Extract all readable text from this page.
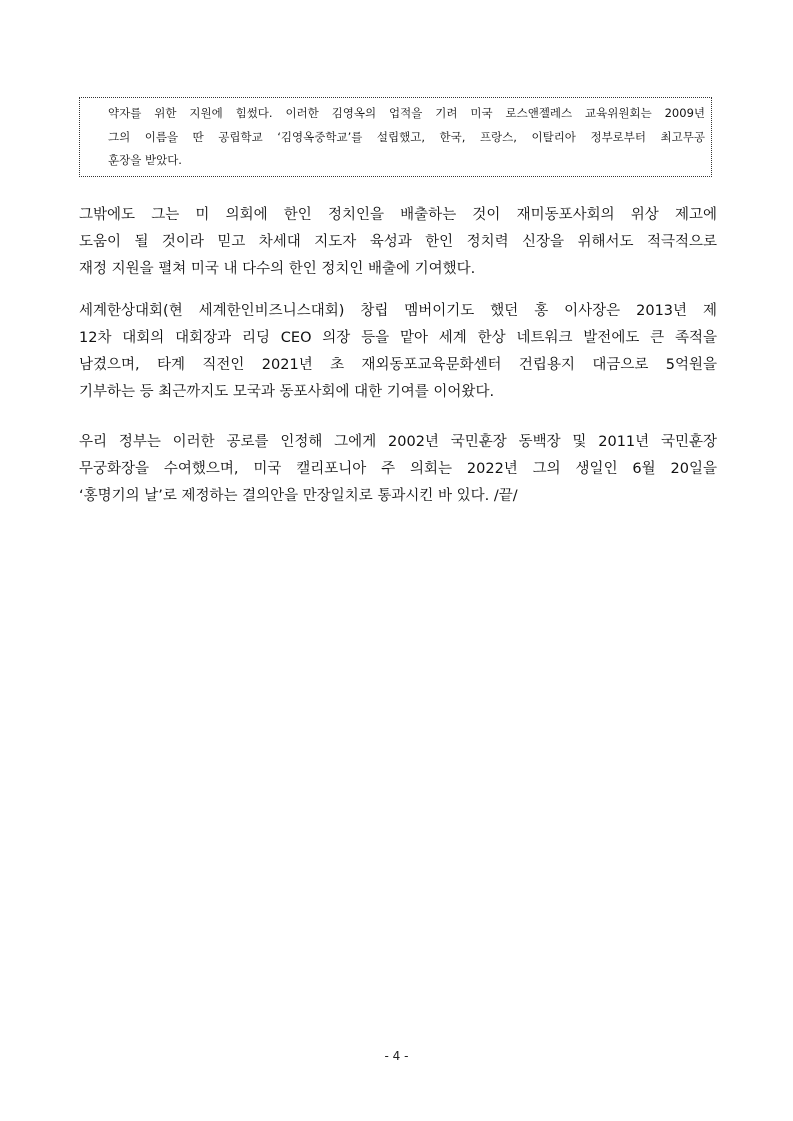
약자를 위한 지원에 힘썼다. 이러한 김영옥의 업적을 기려 미국 로스앤젤레스 교육위원회는 2009년
그의 이름을 딴 공립학교 ‘김영옥중학교’를 설립했고, 한국, 프랑스, 이탈리아 정부로부터 최고무공
훈장을 받았다.
그밖에도 그는 미 의회에 한인 정치인을 배출하는 것이 재미동포사회의 위상 제고에
도움이 될 것이라 믿고 차세대 지도자 육성과 한인 정치력 신장을 위해서도 적극적으로
재정 지원을 펼쳐 미국 내 다수의 한인 정치인 배출에 기여했다.
세계한상대회(현 세계한인비즈니스대회) 창립 멤버이기도 했던 홍 이사장은 2013년 제
12차 대회의 대회장과 리딩 CEO 의장 등을 맡아 세계 한상 네트워크 발전에도 큰 족적을
남겼으며, 타계 직전인 2021년 초 재외동포교육문화센터 건립용지 대금으로 5억원을
기부하는 등 최근까지도 모국과 동포사회에 대한 기여를 이어왔다.
우리 정부는 이러한 공로를 인정해 그에게 2002년 국민훈장 동백장 및 2011년 국민훈장
무궁화장을 수여했으며, 미국 캘리포니아 주 의회는 2022년 그의 생일인 6월 20일을
‘홍명기의 날’로 제정하는 결의안을 만장일치로 통과시킨 바 있다. /끝/
- 4 -
